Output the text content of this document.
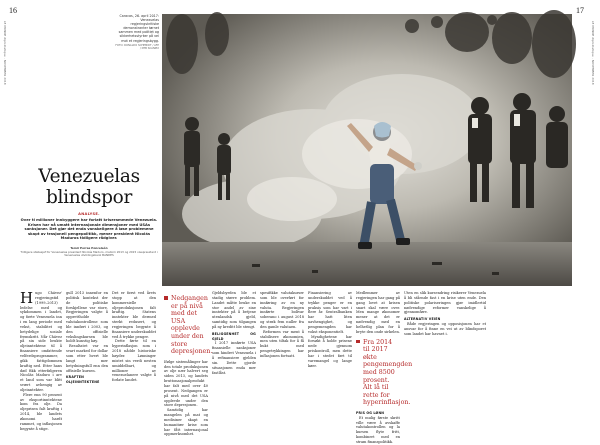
16	17
LE MONDE diplomatique · NOVEMBER 2018	LE MONDE diplomatique · NOVEMBER 2018
Caracas, 26. april 2017: Venezuelas regjeringskritiske demonstranter tørnet sammen med politiet og sikkerhetsstyrker på vei mot et regjeringsbygg.
FOTO: RONALDO SCHEMIDT / AFP / NTB SCANPIX
Venezuelas
blindspor
ANALYSE.
Over ti millioner innbyggere har forlatt kriserammede Venezuela. Krisen har nå umatt internasjonale dimensjoner med USAs sanksjoner. Det gjør det enda vanskeligere å løse problemene skapt av trasjonell pengepolitikk, mener president Nicolás Maduros tidligere rådgiver.
Temir Porras Ponceleón
Tidligere stabssjef for Venezuelas president Nicolás Maduro, mellom 2013 og 2015 visepresident i Venezuelas utviklingsbank BANDES

Hugo Chávez' regjeringstid (1999–2013) ledelse med og sykdommen i landet, og førte Venezuela inn i en lang periode med vekst, stabilitet og betydelige sosiale fremskritt. Når Chávez på sin side brukte oljeinntektene til å finansiere omfattende velferdsprogrammer, gikk fattigdommen kraftig ned. Etter hans død fikk etterfølgeren Nicolás Maduro i arv et land som var blitt svært avhengig av oljeinntekter.

Flere enn 90 prosent av eksportinntektene kom fra olje. Da oljeprisen falt kraftig i 2014, ble landets økonomi hardt rammet, og inflasjonen begynte å stige.

gull 2013 innenfor en politisk kontekst der de politiske forskjellene var store. Regjeringen valgte å opprettholde valutakontrollene som ble innført i 2003, og den offisielle vekslingskursen ble holdt kunstig høy.

Resultatet var en svart marked for dollar som etter hvert ble langt mer betydningsfull enn den offisielle kursen.

KRAFTEN OLJEINNTEKTENE

Det er først ved årets stopp at den kommersielle oljeproduksjonen falt kraftig. Statens inntekter ble dermed sterkt redusert, og regjeringen begynte å finansiere underskuddet ved å trykke penger.

Dette førte til en hyperinflasjon som i 2018 nådde historiske høyder. Lønninger mistet sin verdi nesten umiddelbart, og millioner av venezuelanere valgte å forlate landet.

Nedgangen er på nivå med det USA opplevde under den store depresjonen.

Ifølge sistemålinger har den totale produksjonen av olje nær halvert seg siden 2013, og landets bruttonasjonalprodukt har falt med over 40 prosent. Nedgangen er på nivå med det USA opplevde under den store depresjonen.

Samtidig har mangelen på mat og medisiner skapt en humanitær krise som har fått internasjonal oppmerksomhet.

Gjeldsbyrden ble et stadig større problem. Landet måtte bruke en stor andel av sine inntekter på å betjene utenlandsk gjeld, samtidig som tilgangen på ny kreditt ble stengt.

BELIGGENHET OG GJELD

I 2017 innførte USA finansielle sanksjoner som hindret Venezuela i å refinansiere gjelden sin. Dette gjorde situasjonen enda mer fastlåst.

spesifikke valutakurser som ble overført for innføring av en ny valuta. Regjeringen innførte bolívar soberano i august 2018 og strøk fem nuller fra den gamle valutaen.

Reformen var ment å stabilisere økonomien, men uten tiltak for å få bukt med pengetrykkingen har inflasjonen fortsatt.

Finansiering av underskuddet ved å trykke penger er en praksis som har vart i flere år. Sentralbanken har hatt liten uavhengighet, og pengemengden har vokst eksponentielt.

Myndighetene har forsøkt å holde prisene nede gjennom priskontroll, men dette har i stedet ført til varemangel og lange køer.

Medlemmer av regjeringen har gang på gang lovet at krisen snart skal være over. Men mange økonomer mener at det er nødvendig med en helhetlig plan for å bryte den onde sirkelen.

Fra 2014 til 2017 økte pengemengden med 8500 prosent. Alt lå til rette for hyperinflasjon.
PRIS OG LØNN

Et mulig første skritt ville være å avskaffe valutakontrollen og la kursen flyte fritt, kombinert med en stram finanspolitikk.

Uten en slik kursendring risikerer Venezuela å bli stående fast i en krise uten ende. Den politiske polariseringen gjør imidlertid nødvendige reformer vanskelige å gjennomføre.

ALTERNATIV VEIEN

Både regjeringen og opposisjonen har et ansvar for å finne en vei ut av blindsporet som landet har havnet i.
